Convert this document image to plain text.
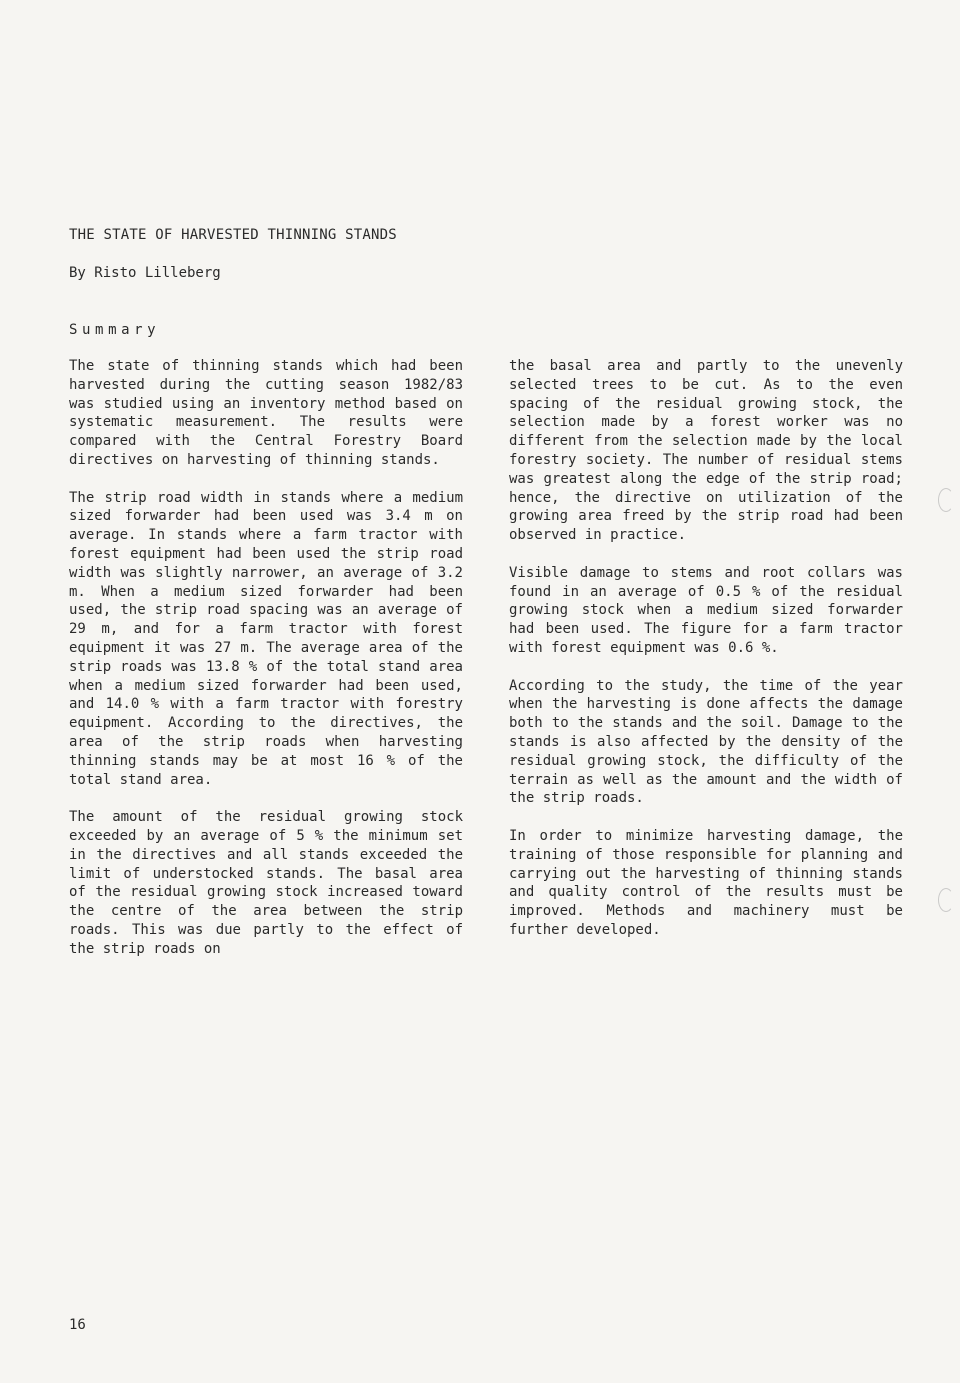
THE STATE OF HARVESTED THINNING STANDS
By Risto Lilleberg
Summary

The state of thinning stands which had been harvested during the cutting season 1982/83 was studied using an inventory method based on systematic measurement. The results were compared with the Central Forestry Board directives on harvesting of thinning stands.

The strip road width in stands where a medium sized forwarder had been used was 3.4 m on average. In stands where a farm tractor with forest equipment had been used the strip road width was slightly narrower, an average of 3.2 m. When a medium sized forwarder had been used, the strip road spacing was an average of 29 m, and for a farm tractor with forest equipment it was 27 m. The average area of the strip roads was 13.8 % of the total stand area when a medium sized forwarder had been used, and 14.0 % with a farm tractor with forestry equipment. According to the directives, the area of the strip roads when harvesting thinning stands may be at most 16 % of the total stand area.

The amount of the residual growing stock exceeded by an average of 5 % the minimum set in the directives and all stands exceeded the limit of understocked stands. The basal area of the residual growing stock increased toward the centre of the area between the strip roads. This was due partly to the effect of the strip roads on

the basal area and partly to the unevenly selected trees to be cut. As to the even spacing of the residual growing stock, the selection made by a forest worker was no different from the selection made by the local forestry society. The number of residual stems was greatest along the edge of the strip road; hence, the directive on utilization of the growing area freed by the strip road had been observed in practice.

Visible damage to stems and root collars was found in an average of 0.5 % of the residual growing stock when a medium sized forwarder had been used. The figure for a farm tractor with forest equipment was 0.6 %.

According to the study, the time of the year when the harvesting is done affects the damage both to the stands and the soil. Damage to the stands is also affected by the density of the residual growing stock, the difficulty of the terrain as well as the amount and the width of the strip roads.

In order to minimize harvesting damage, the training of those responsible for planning and carrying out the harvesting of thinning stands and quality control of the results must be improved. Methods and machinery must be further developed.

16
